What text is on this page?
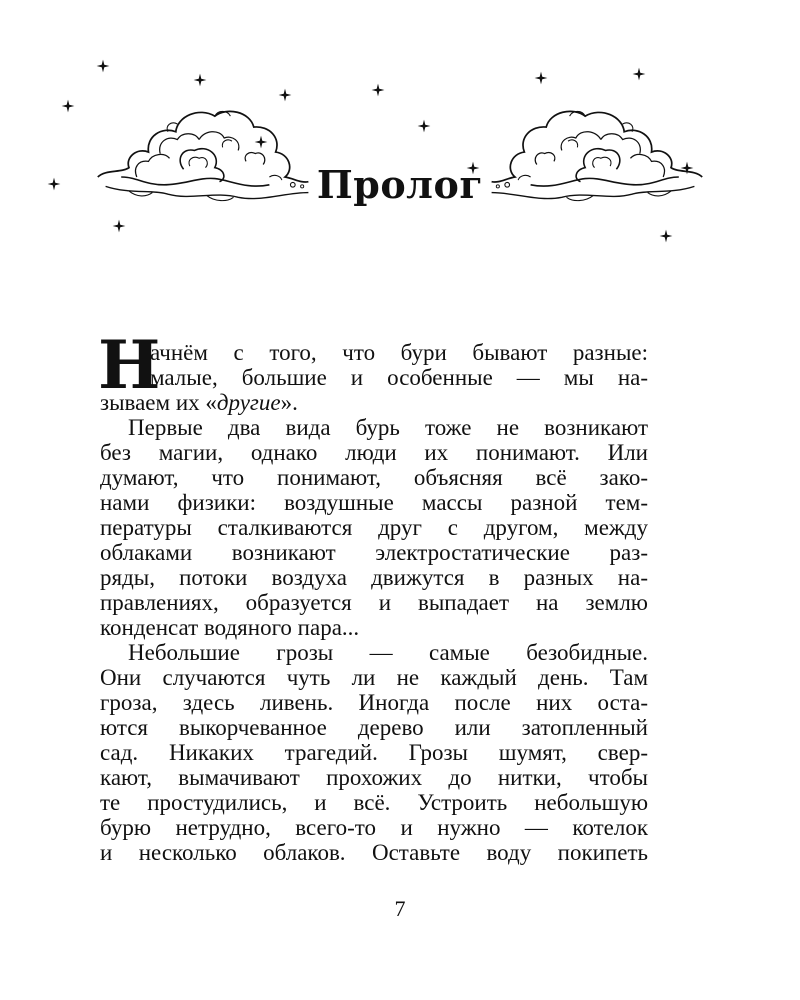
Пролог
Н
ачнём с того, что бури бывают разные:
малые, большие и особенные — мы на-
зываем их «другие».
Первые два вида бурь тоже не возникают
без магии, однако люди их понимают. Или
думают, что понимают, объясняя всё зако-
нами физики: воздушные массы разной тем-
пературы сталкиваются друг с другом, между
облаками возникают электростатические раз-
ряды, потоки воздуха движутся в разных на-
правлениях, образуется и выпадает на землю
конденсат водяного пара...
Небольшие грозы — самые безобидные.
Они случаются чуть ли не каждый день. Там
гроза, здесь ливень. Иногда после них оста-
ются выкорчеванное дерево или затопленный
сад. Никаких трагедий. Грозы шумят, свер-
кают, вымачивают прохожих до нитки, чтобы
те простудились, и всё. Устроить небольшую
бурю нетрудно, всего-то и нужно — котелок
и несколько облаков. Оставьте воду покипеть
7
